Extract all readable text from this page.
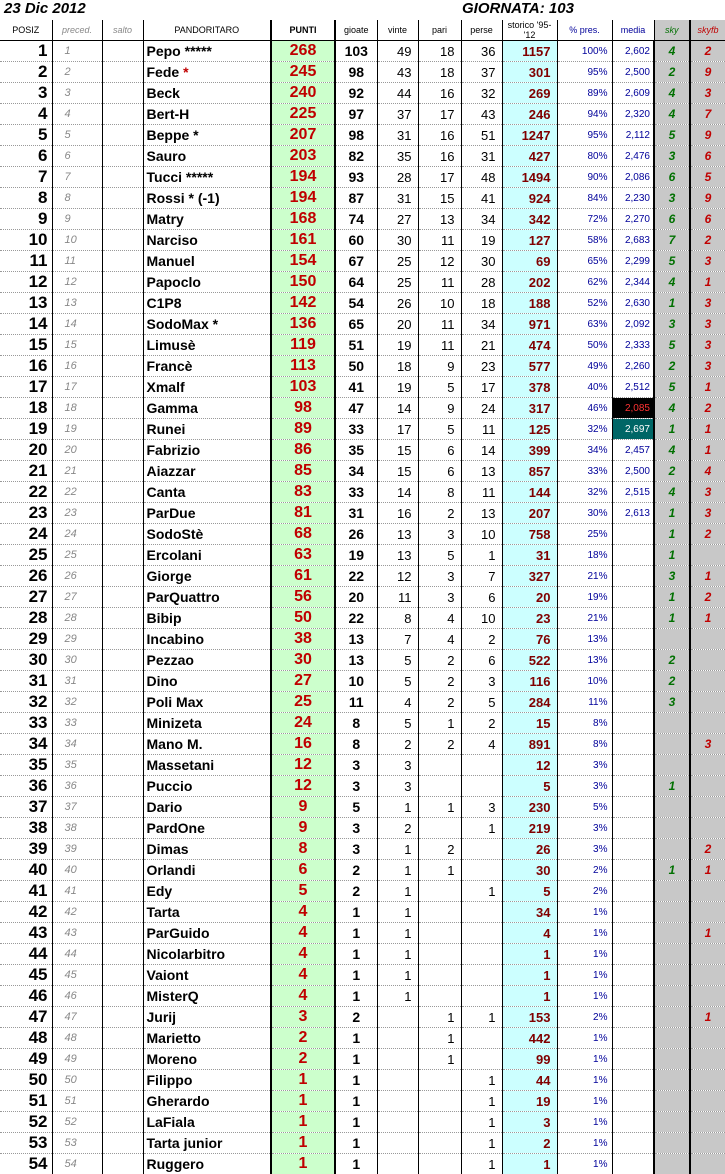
23 Dic 2012	GIORNATA: 103
POSIZ	preced.	salto	PANDORITARO	PUNTI	gioate	vinte	pari	perse	storico '95-'12	% pres.	media	sky	skyfb
1	1		Pepo *****	268	103	49	18	36	1157	100%	2,602	4	2
2	2		Fede *	245	98	43	18	37	301	95%	2,500	2	9
3	3		Beck	240	92	44	16	32	269	89%	2,609	4	3
4	4		Bert-H	225	97	37	17	43	246	94%	2,320	4	7
5	5		Beppe *	207	98	31	16	51	1247	95%	2,112	5	9
6	6		Sauro	203	82	35	16	31	427	80%	2,476	3	6
7	7		Tucci *****	194	93	28	17	48	1494	90%	2,086	6	5
8	8		Rossi * (-1)	194	87	31	15	41	924	84%	2,230	3	9
9	9		Matry	168	74	27	13	34	342	72%	2,270	6	6
10	10		Narciso	161	60	30	11	19	127	58%	2,683	7	2
11	11		Manuel	154	67	25	12	30	69	65%	2,299	5	3
12	12		Papoclo	150	64	25	11	28	202	62%	2,344	4	1
13	13		C1P8	142	54	26	10	18	188	52%	2,630	1	3
14	14		SodoMax *	136	65	20	11	34	971	63%	2,092	3	3
15	15		Limusè	119	51	19	11	21	474	50%	2,333	5	3
16	16		Francè	113	50	18	9	23	577	49%	2,260	2	3
17	17		Xmalf	103	41	19	5	17	378	40%	2,512	5	1
18	18		Gamma	98	47	14	9	24	317	46%	2,085	4	2
19	19		Runei	89	33	17	5	11	125	32%	2,697	1	1
20	20		Fabrizio	86	35	15	6	14	399	34%	2,457	4	1
21	21		Aiazzar	85	34	15	6	13	857	33%	2,500	2	4
22	22		Canta	83	33	14	8	11	144	32%	2,515	4	3
23	23		ParDue	81	31	16	2	13	207	30%	2,613	1	3
24	24		SodoStè	68	26	13	3	10	758	25%		1	2
25	25		Ercolani	63	19	13	5	1	31	18%		1	
26	26		Giorge	61	22	12	3	7	327	21%		3	1
27	27		ParQuattro	56	20	11	3	6	20	19%		1	2
28	28		Bibip	50	22	8	4	10	23	21%		1	1
29	29		Incabino	38	13	7	4	2	76	13%			
30	30		Pezzao	30	13	5	2	6	522	13%		2	
31	31		Dino	27	10	5	2	3	116	10%		2	
32	32		Poli Max	25	11	4	2	5	284	11%		3	
33	33		Minizeta	24	8	5	1	2	15	8%			
34	34		Mano M.	16	8	2	2	4	891	8%			3
35	35		Massetani	12	3	3			12	3%			
36	36		Puccio	12	3	3			5	3%		1	
37	37		Dario	9	5	1	1	3	230	5%			
38	38		PardOne	9	3	2		1	219	3%			
39	39		Dimas	8	3	1	2		26	3%			2
40	40		Orlandi	6	2	1	1		30	2%		1	1
41	41		Edy	5	2	1		1	5	2%			
42	42		Tarta	4	1	1			34	1%			
43	43		ParGuido	4	1	1			4	1%			1
44	44		Nicolarbitro	4	1	1			1	1%			
45	45		Vaiont	4	1	1			1	1%			
46	46		MisterQ	4	1	1			1	1%			
47	47		Jurij	3	2		1	1	153	2%			1
48	48		Marietto	2	1		1		442	1%			
49	49		Moreno	2	1		1		99	1%			
50	50		Filippo	1	1			1	44	1%			
51	51		Gherardo	1	1			1	19	1%			
52	52		LaFiala	1	1			1	3	1%			
53	53		Tarta junior	1	1			1	2	1%			
54	54		Ruggero	1	1			1	1	1%			
